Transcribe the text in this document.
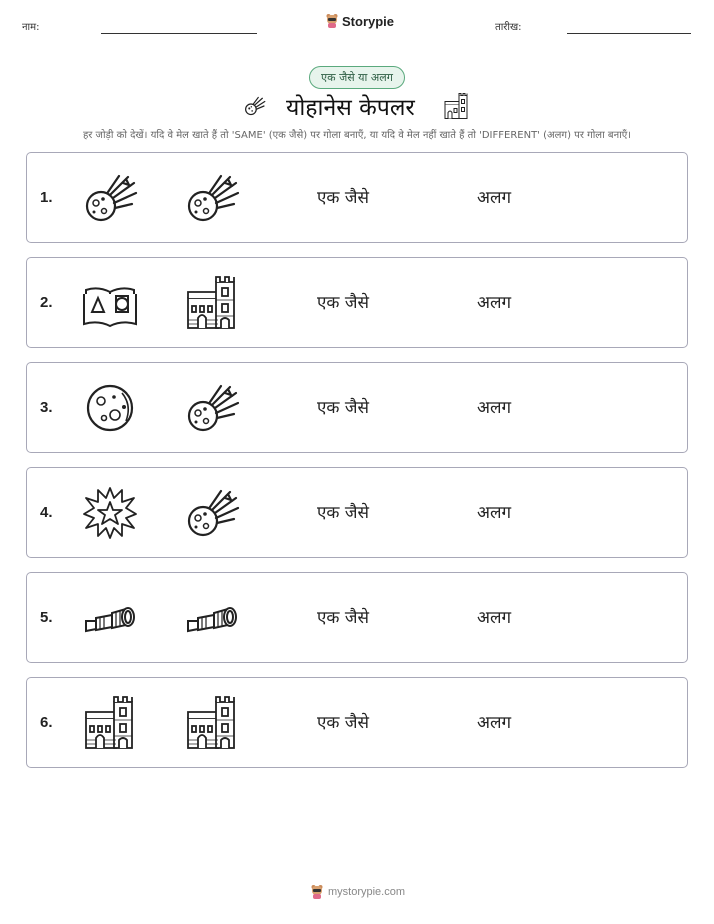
नाम:	Storypie	तारीख:
एक जैसे या अलग
योहानेस केपलर
हर जोड़ी को देखें। यदि वे मेल खाते हैं तो 'SAME' (एक जैसे) पर गोला बनाएँ, या यदि वे मेल नहीं खाते हैं तो 'DIFFERENT' (अलग) पर गोला बनाएँ।
1.	एक जैसे	अलग
2.	एक जैसे	अलग
3.	एक जैसे	अलग
4.	एक जैसे	अलग
5.	एक जैसे	अलग
6.	एक जैसे	अलग
mystorypie.com
